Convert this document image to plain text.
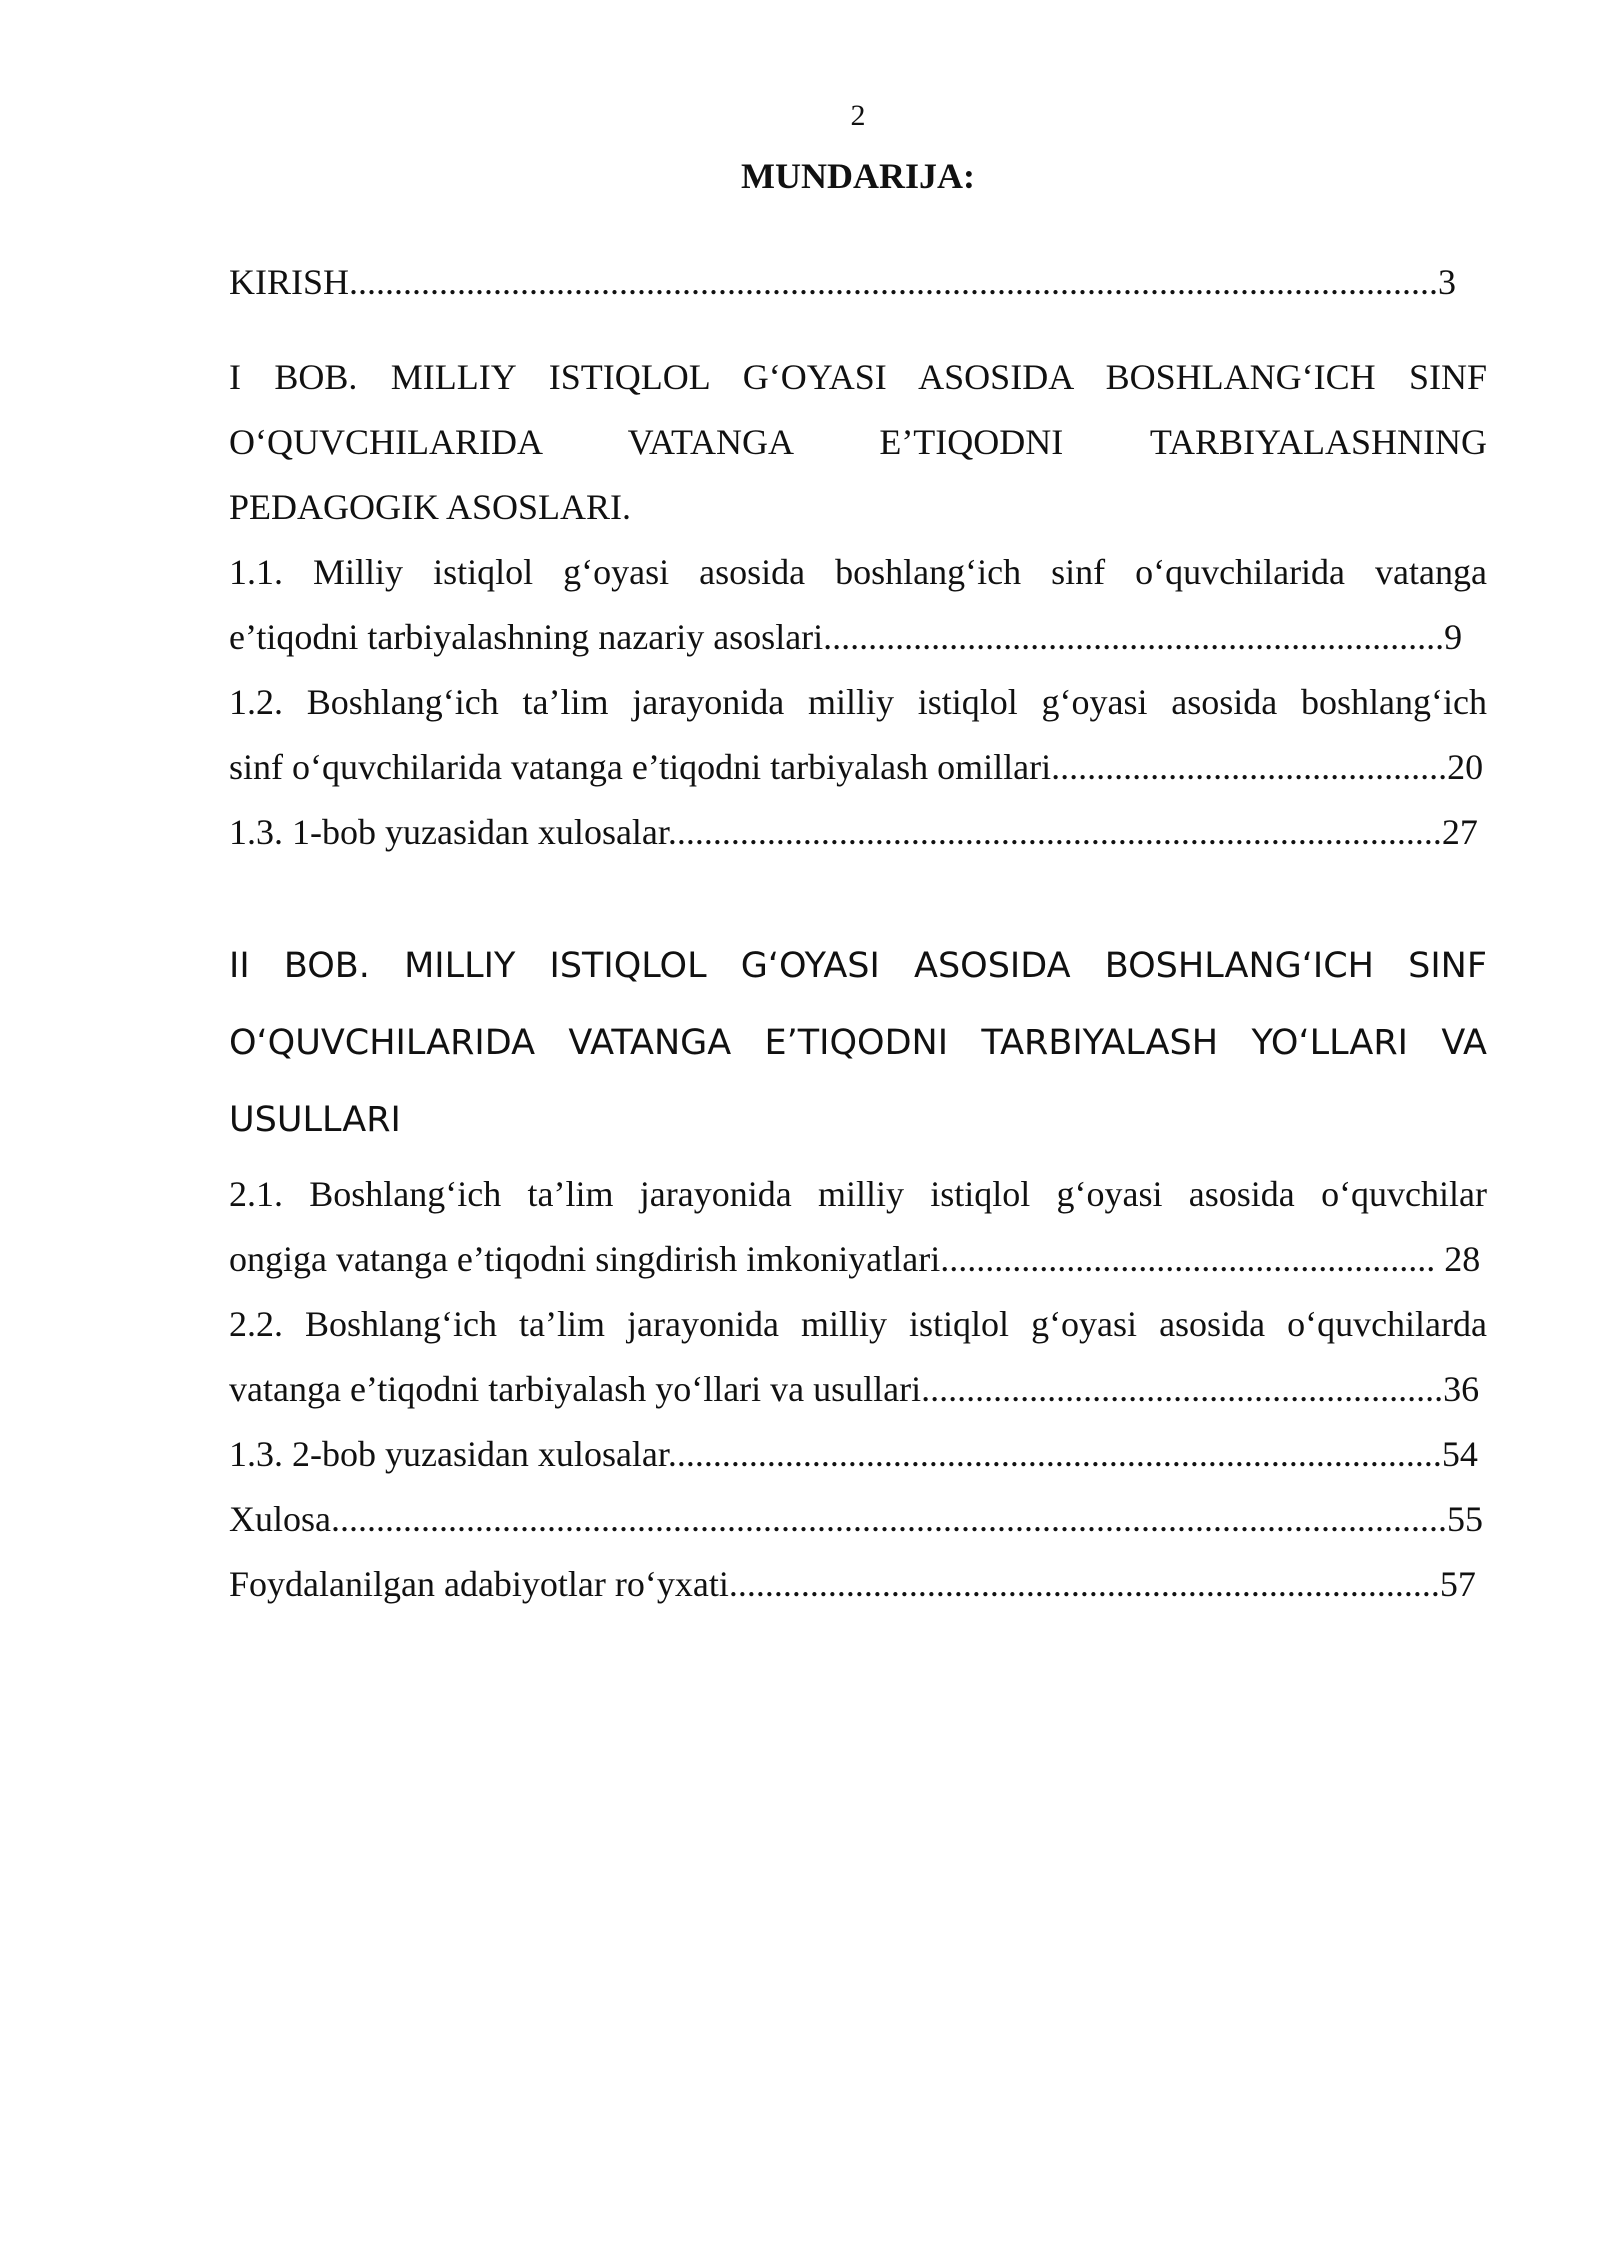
2
MUNDARIJA:
KIRISH.........................................................................................................................3
I BOB. MILLIY ISTIQLOL G‘OYASI ASOSIDA BOSHLANG‘ICH SINF
O‘QUVCHILARIDA VATANGA E’TIQODNI TARBIYALASHNING
PEDAGOGIK ASOSLARI.
1.1. Milliy istiqlol g‘oyasi asosida boshlang‘ich sinf o‘quvchilarida vatanga
e’tiqodni tarbiyalashning nazariy asoslari.....................................................................9
1.2. Boshlang‘ich ta’lim jarayonida milliy istiqlol g‘oyasi asosida boshlang‘ich
sinf o‘quvchilarida vatanga e’tiqodni tarbiyalash omillari............................................20
1.3. 1-bob yuzasidan xulosalar......................................................................................27
II BOB. MILLIY ISTIQLOL G‘OYASI ASOSIDA BOSHLANG‘ICH SINF
O‘QUVCHILARIDA VATANGA E’TIQODNI TARBIYALASH YO‘LLARI VA
USULLARI
2.1. Boshlang‘ich ta’lim jarayonida milliy istiqlol g‘oyasi asosida o‘quvchilar
ongiga vatanga e’tiqodni singdirish imkoniyatlari....................................................... 28
2.2. Boshlang‘ich ta’lim jarayonida milliy istiqlol g‘oyasi asosida o‘quvchilarda
vatanga e’tiqodni tarbiyalash yo‘llari va usullari..........................................................36
1.3. 2-bob yuzasidan xulosalar......................................................................................54
Xulosa............................................................................................................................55
Foydalanilgan adabiyotlar ro‘yxati...............................................................................57
